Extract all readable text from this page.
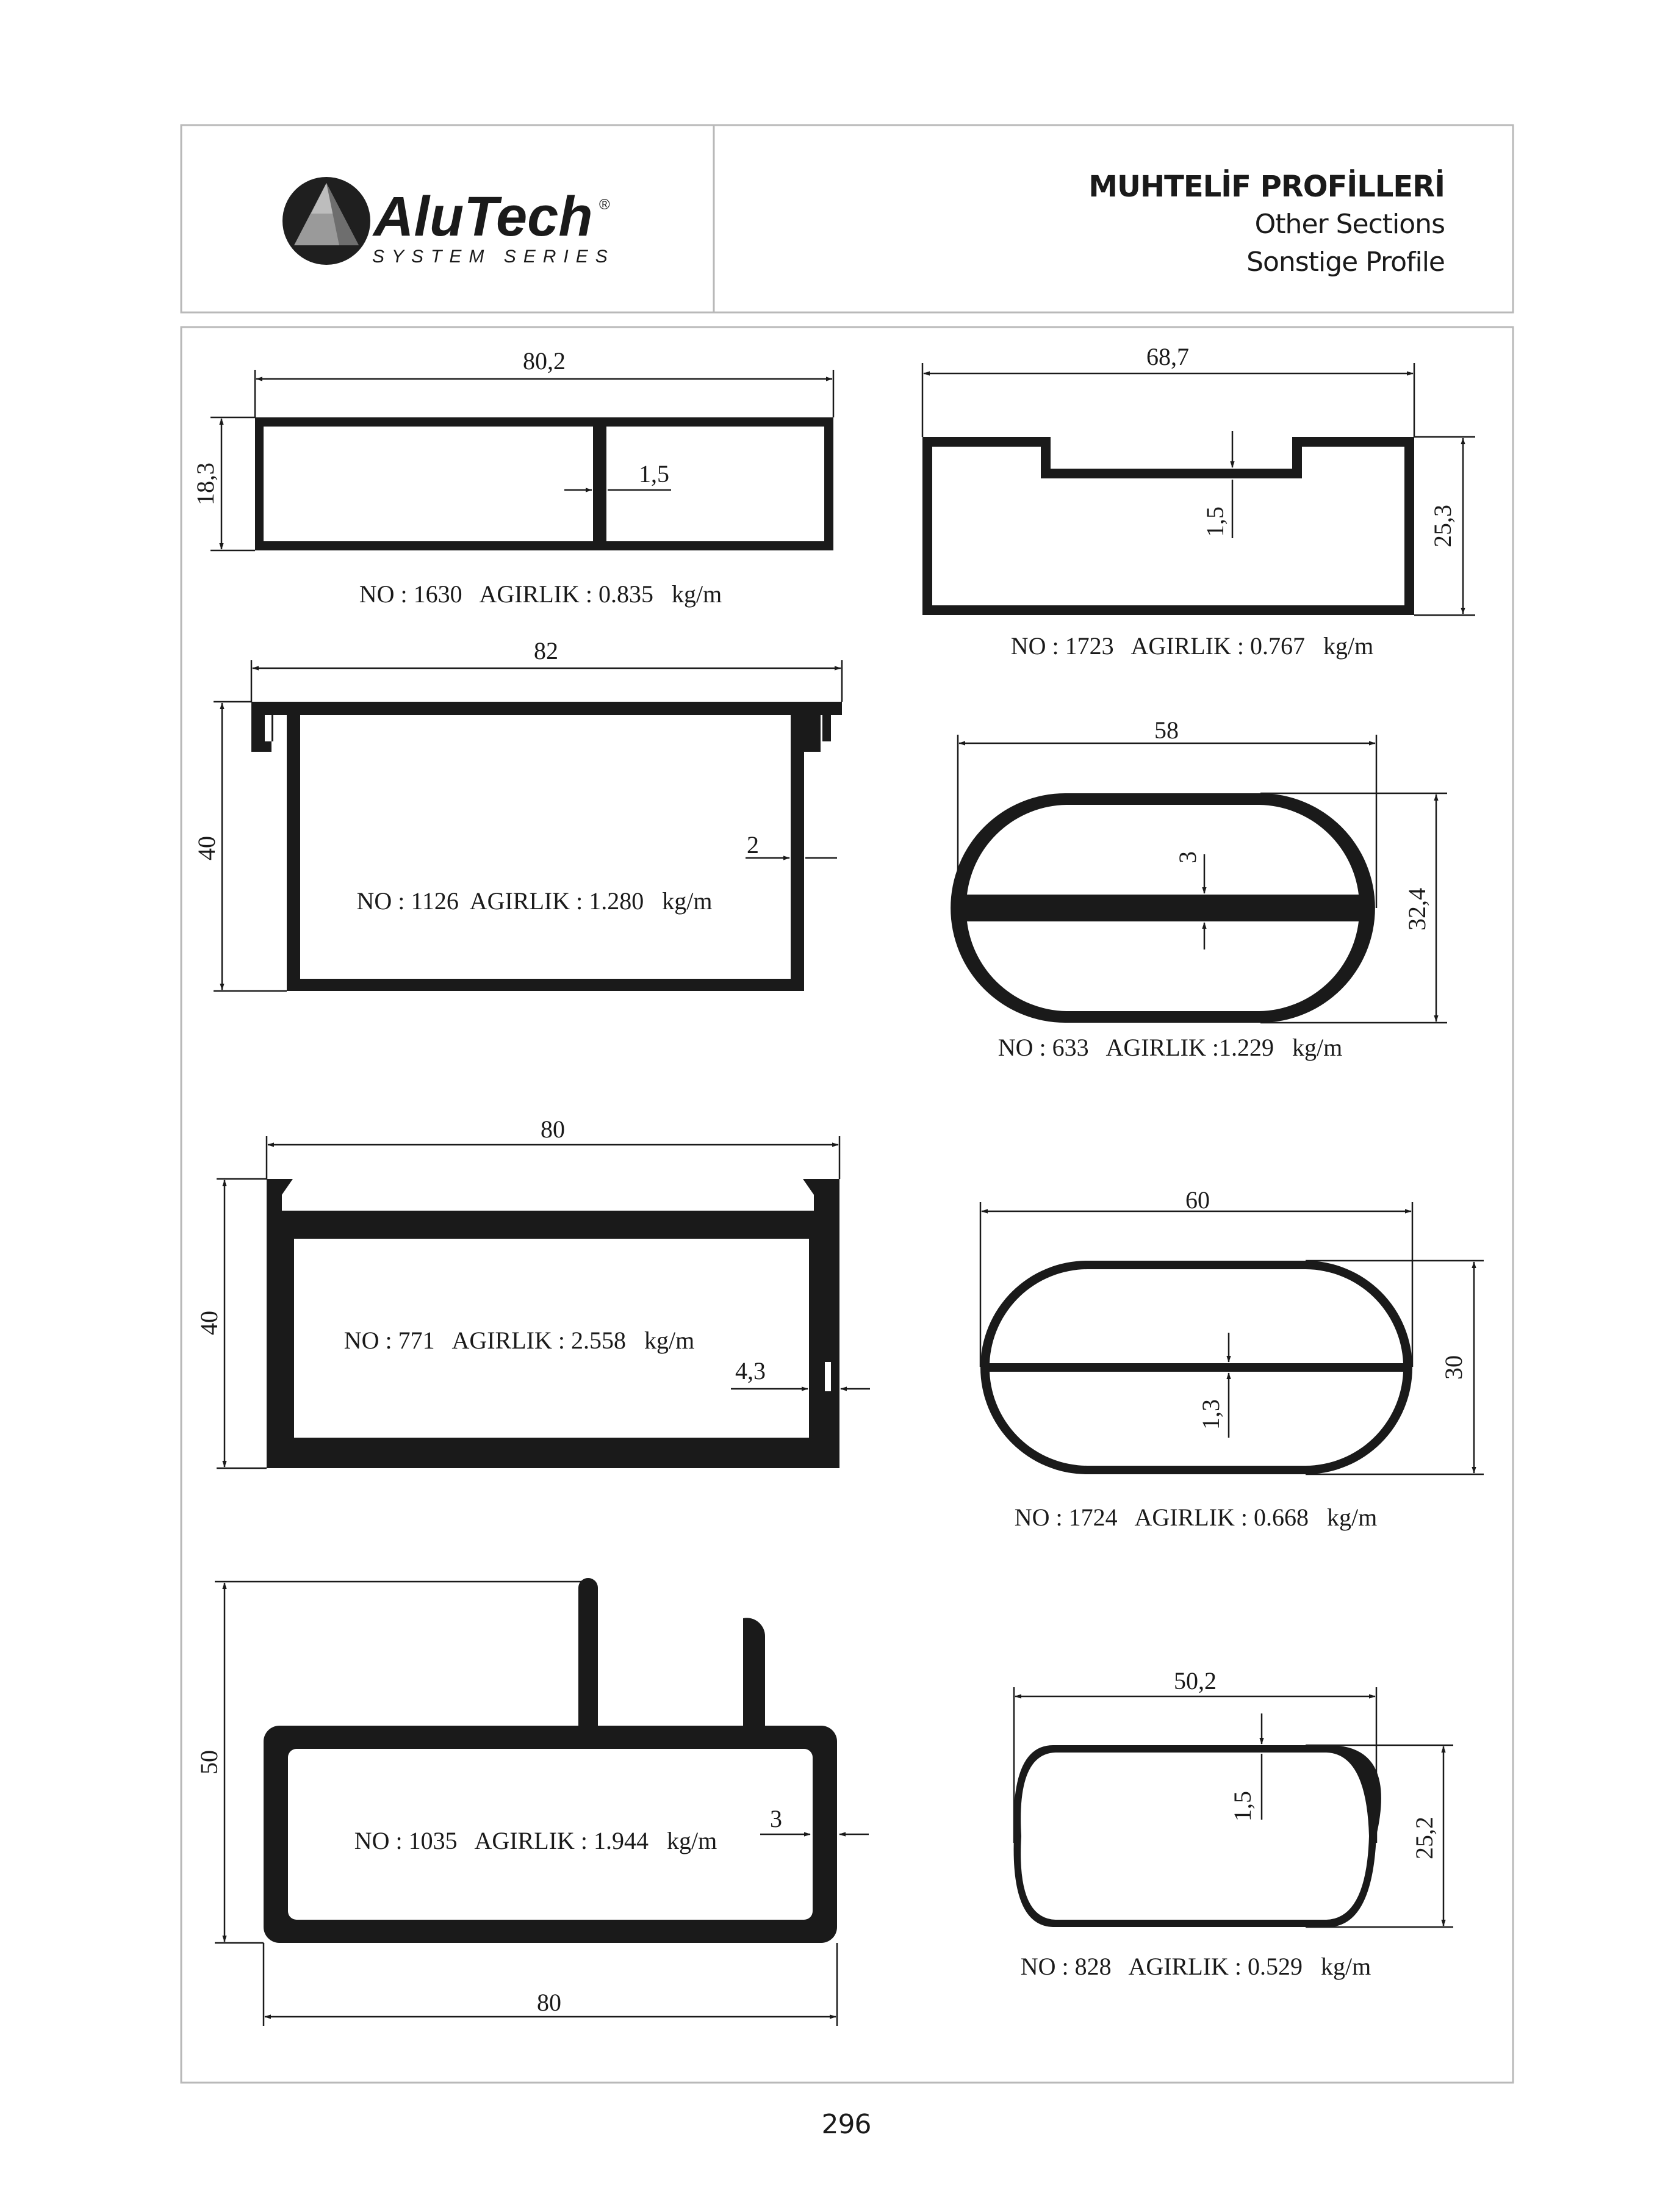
AluTech ®
SYSTEM SERIES
MUHTELİF PROFİLLERİ
Other Sections
Sonstige Profile
80,2
18,3	1,5
NO : 1630   AGIRLIK : 0.835   kg/m
68,7
25,3
1,5
NO : 1723   AGIRLIK : 0.767   kg/m
82
40	2
NO : 1126  AGIRLIK : 1.280   kg/m
58
32,4
3
NO : 633   AGIRLIK :1.229   kg/m
80
40
4,3
NO : 771   AGIRLIK : 2.558   kg/m
60
30
1,3
NO : 1724   AGIRLIK : 0.668   kg/m
50
80
3
NO : 1035   AGIRLIK : 1.944   kg/m
50,2
25,2
1,5
NO : 828   AGIRLIK : 0.529   kg/m
296
